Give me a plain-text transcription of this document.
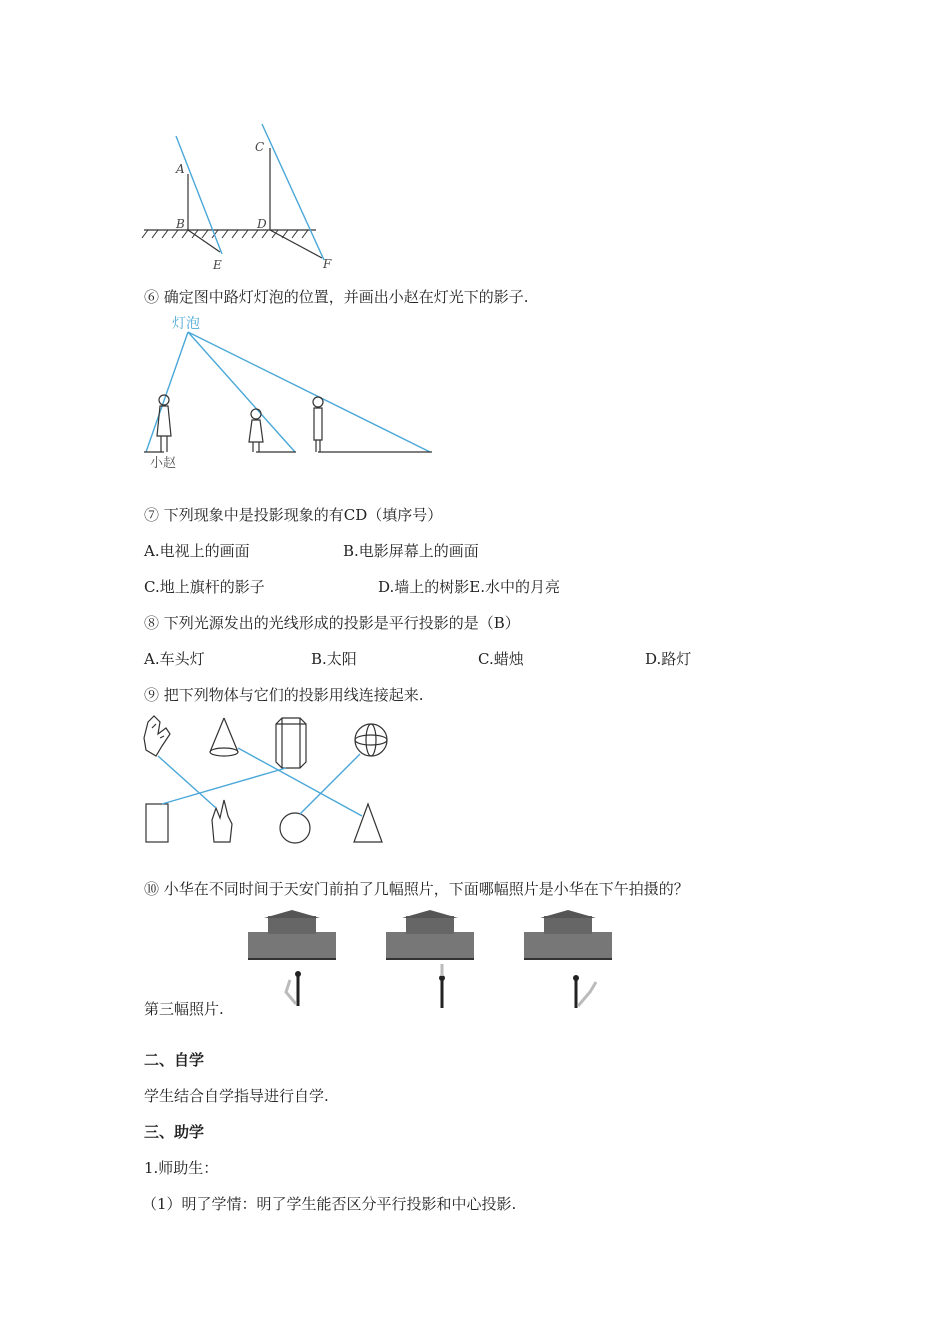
A
B
C
D
E	F
⑥ 确定图中路灯灯泡的位置，并画出小赵在灯光下的影子.
灯泡
小赵
⑦ 下列现象中是投影现象的有CD（填序号）
A.电视上的画面	B.电影屏幕上的画面
C.地上旗杆的影子	D.墙上的树影E.水中的月亮
⑧ 下列光源发出的光线形成的投影是平行投影的是（B）
A.车头灯	B.太阳	C.蜡烛	D.路灯
⑨ 把下列物体与它们的投影用线连接起来.
⑩ 小华在不同时间于天安门前拍了几幅照片，下面哪幅照片是小华在下午拍摄的？
第三幅照片.
二、自学
学生结合自学指导进行自学.
三、助学
1.师助生：
（1）明了学情：明了学生能否区分平行投影和中心投影.
